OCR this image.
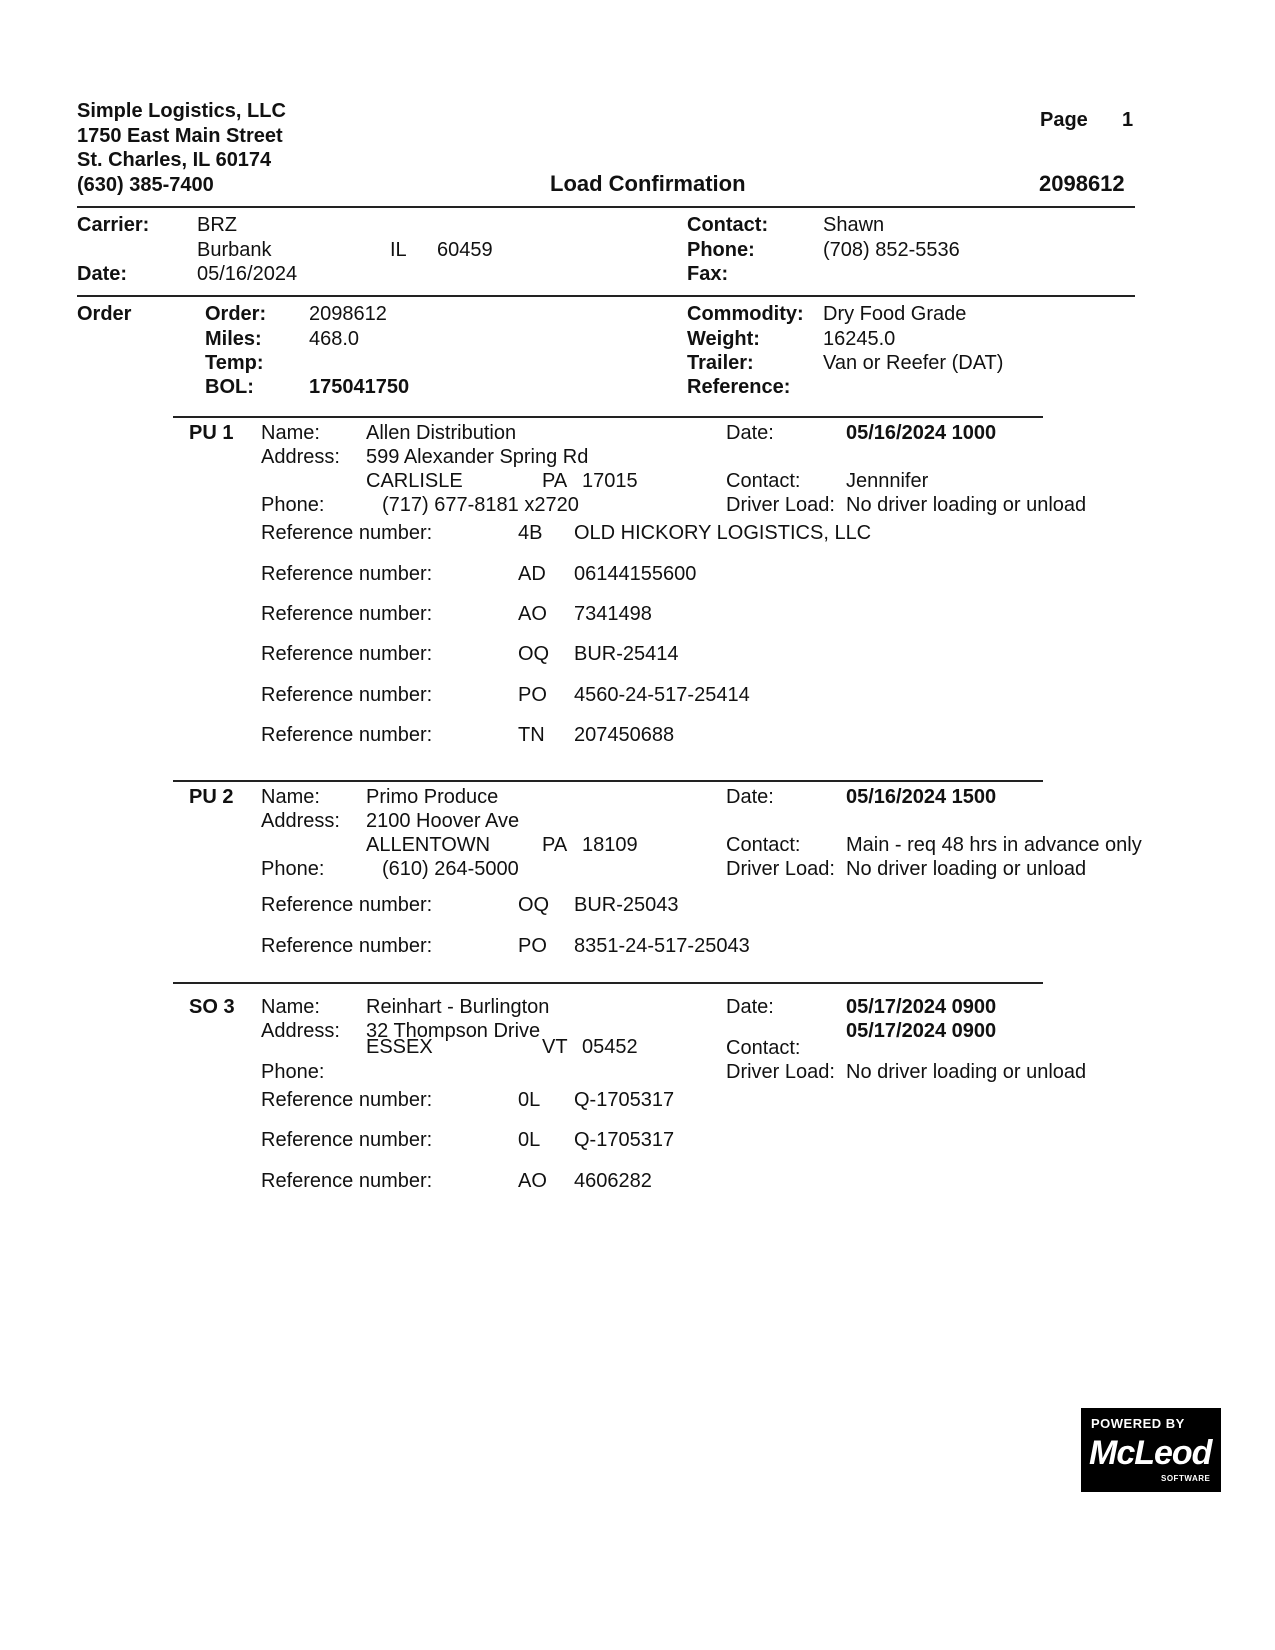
Simple Logistics, LLC
1750 East Main Street
St. Charles, IL 60174
(630) 385-7400
Page 1
Load Confirmation	2098612
Carrier: BRZ
Burbank	IL 60459
Date:	05/16/2024
Contact:	Shawn
Phone:	(708) 852-5536
Fax:
Order	Order: 2098612
Miles: 468.0
Temp:
BOL:	175041750
Commodity: Dry Food Grade
Weight:	16245.0
Trailer:	Van or Reefer (DAT)
Reference:
PU 1 Name: Allen Distribution	Date:	05/16/2024 1000
Address: 599 Alexander Spring Rd
CARLISLE	PA 17015	Contact: Jennnifer
Phone:	(717) 677-8181 x2720	Driver Load: No driver loading or unload
Reference number:	4B OLD HICKORY LOGISTICS, LLC
Reference number:	AD 06144155600
Reference number:	AO 7341498
Reference number:	OQ BUR-25414
Reference number:	PO 4560-24-517-25414
Reference number:	TN 207450688
PU 2 Name: Primo Produce	Date:	05/16/2024 1500
Address: 2100 Hoover Ave
ALLENTOWN	PA 18109	Contact: Main - req 48 hrs in advance only
Phone:	(610) 264-5000	Driver Load: No driver loading or unload
Reference number:	OQ BUR-25043
Reference number:	PO 8351-24-517-25043
SO 3 Name: Reinhart - Burlington	Date:	05/17/2024 0900
Address: 32 Thompson Drive	05/17/2024 0900
ESSEX	VT 05452	Contact:
Phone:	Driver Load: No driver loading or unload
Reference number:	0L Q-1705317
Reference number:	0L Q-1705317
Reference number:	AO 4606282
POWERED BY
McLeod
SOFTWARE
